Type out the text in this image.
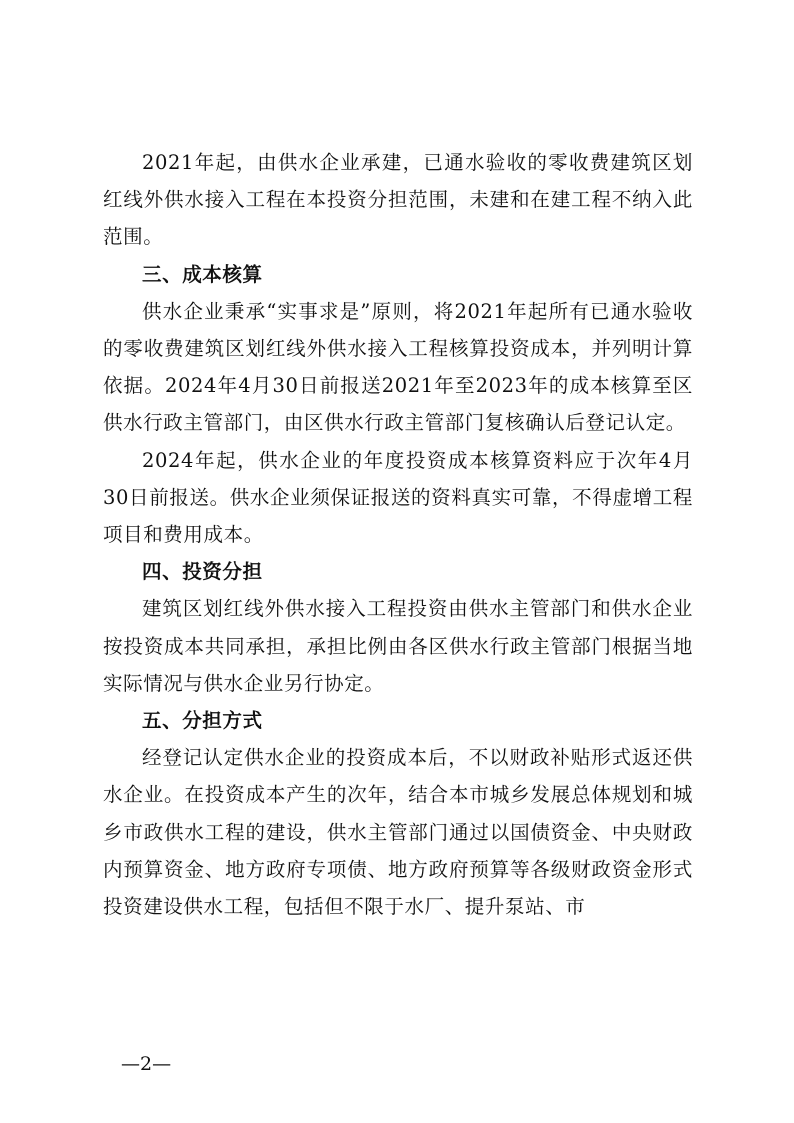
2021年起，由供水企业承建，已通水验收的零收费建筑区划红线外供水接入工程在本投资分担范围，未建和在建工程不纳入此范围。

三、成本核算

供水企业秉承“实事求是”原则，将2021年起所有已通水验收的零收费建筑区划红线外供水接入工程核算投资成本，并列明计算依据。2024年4月30日前报送2021年至2023年的成本核算至区供水行政主管部门，由区供水行政主管部门复核确认后登记认定。

2024年起，供水企业的年度投资成本核算资料应于次年4月30日前报送。供水企业须保证报送的资料真实可靠，不得虚增工程项目和费用成本。

四、投资分担

建筑区划红线外供水接入工程投资由供水主管部门和供水企业按投资成本共同承担，承担比例由各区供水行政主管部门根据当地实际情况与供水企业另行协定。

五、分担方式

经登记认定供水企业的投资成本后，不以财政补贴形式返还供水企业。在投资成本产生的次年，结合本市城乡发展总体规划和城乡市政供水工程的建设，供水主管部门通过以国债资金、中央财政内预算资金、地方政府专项债、地方政府预算等各级财政资金形式投资建设供水工程，包括但不限于水厂、提升泵站、市

—2—
